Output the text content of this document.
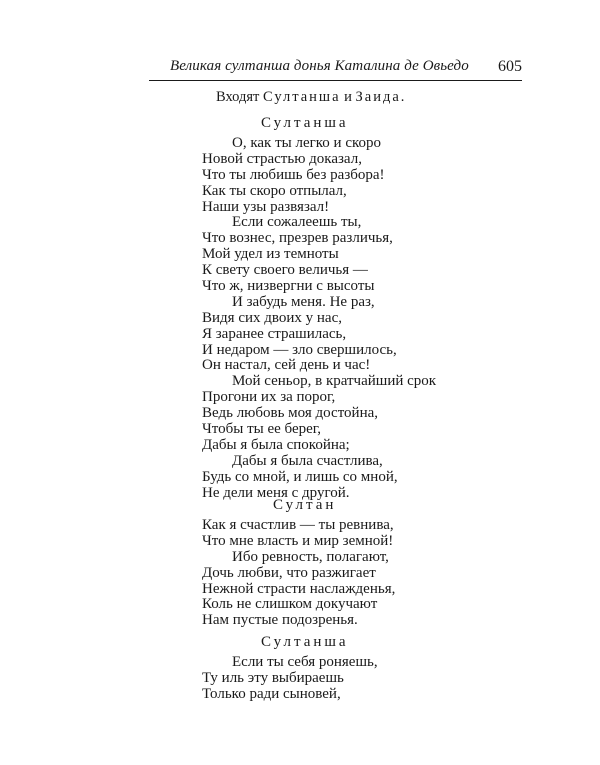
Великая султанша донья Каталина де Овьедо 605
Входят Султанша и Заида.
Султанша
О, как ты легко и скоро
Новой страстью доказал,
Что ты любишь без разбора!
Как ты скоро отпылал,
Наши узы развязал!
Если сожалеешь ты,
Что вознес, презрев различья,
Мой удел из темноты
К свету своего величья —
Что ж, низвергни с высоты
И забудь меня. Не раз,
Видя сих двоих у нас,
Я заранее страшилась,
И недаром — зло свершилось,
Он настал, сей день и час!
Мой сеньор, в кратчайший срок
Прогони их за порог,
Ведь любовь моя достойна,
Чтобы ты ее берег,
Дабы я была спокойна;
Дабы я была счастлива,
Будь со мной, и лишь со мной,
Не дели меня с другой.
Султан
Как я счастлив — ты ревнива,
Что мне власть и мир земной!
Ибо ревность, полагают,
Дочь любви, что разжигает
Нежной страсти наслажденья,
Коль не слишком докучают
Нам пустые подозренья.
Султанша
Если ты себя роняешь,
Ту иль эту выбираешь
Только ради сыновей,
